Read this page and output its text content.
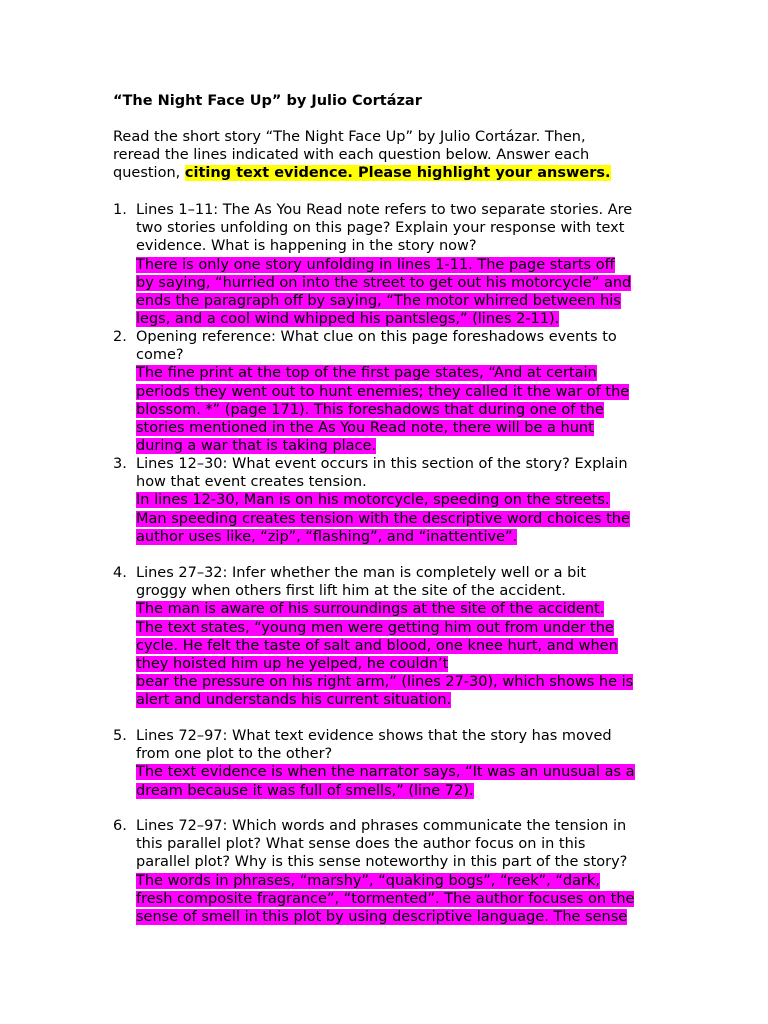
“The Night Face Up” by Julio Cortázar
Read the short story “The Night Face Up” by Julio Cortázar. Then,
reread the lines indicated with each question below. Answer each
question, citing text evidence. Please highlight your answers.
1. Lines 1–11: The As You Read note refers to two separate stories. Are
two stories unfolding on this page? Explain your response with text
evidence. What is happening in the story now?
There is only one story unfolding in lines 1-11. The page starts off
by saying, “hurried on into the street to get out his motorcycle” and
ends the paragraph off by saying, “The motor whirred between his
legs, and a cool wind whipped his pantslegs,” (lines 2-11).
2. Opening reference: What clue on this page foreshadows events to
come?
The fine print at the top of the first page states, “And at certain
periods they went out to hunt enemies; they called it the war of the
blossom. *” (page 171). This foreshadows that during one of the
stories mentioned in the As You Read note, there will be a hunt
during a war that is taking place.
3. Lines 12–30: What event occurs in this section of the story? Explain
how that event creates tension.
In lines 12-30, Man is on his motorcycle, speeding on the streets.
Man speeding creates tension with the descriptive word choices the
author uses like, “zip”, “flashing”, and “inattentive”.
4. Lines 27–32: Infer whether the man is completely well or a bit
groggy when others first lift him at the site of the accident.
The man is aware of his surroundings at the site of the accident.
The text states, “young men were getting him out from under the
cycle. He felt the taste of salt and blood, one knee hurt, and when
they hoisted him up he yelped, he couldn’t
bear the pressure on his right arm,” (lines 27-30), which shows he is
alert and understands his current situation.
5. Lines 72–97: What text evidence shows that the story has moved
from one plot to the other?
The text evidence is when the narrator says, “It was an unusual as a
dream because it was full of smells,” (line 72).
6. Lines 72–97: Which words and phrases communicate the tension in
this parallel plot? What sense does the author focus on in this
parallel plot? Why is this sense noteworthy in this part of the story?
The words in phrases, “marshy”, “quaking bogs”, “reek”, “dark,
fresh composite fragrance”, “tormented”. The author focuses on the
sense of smell in this plot by using descriptive language. The sense
